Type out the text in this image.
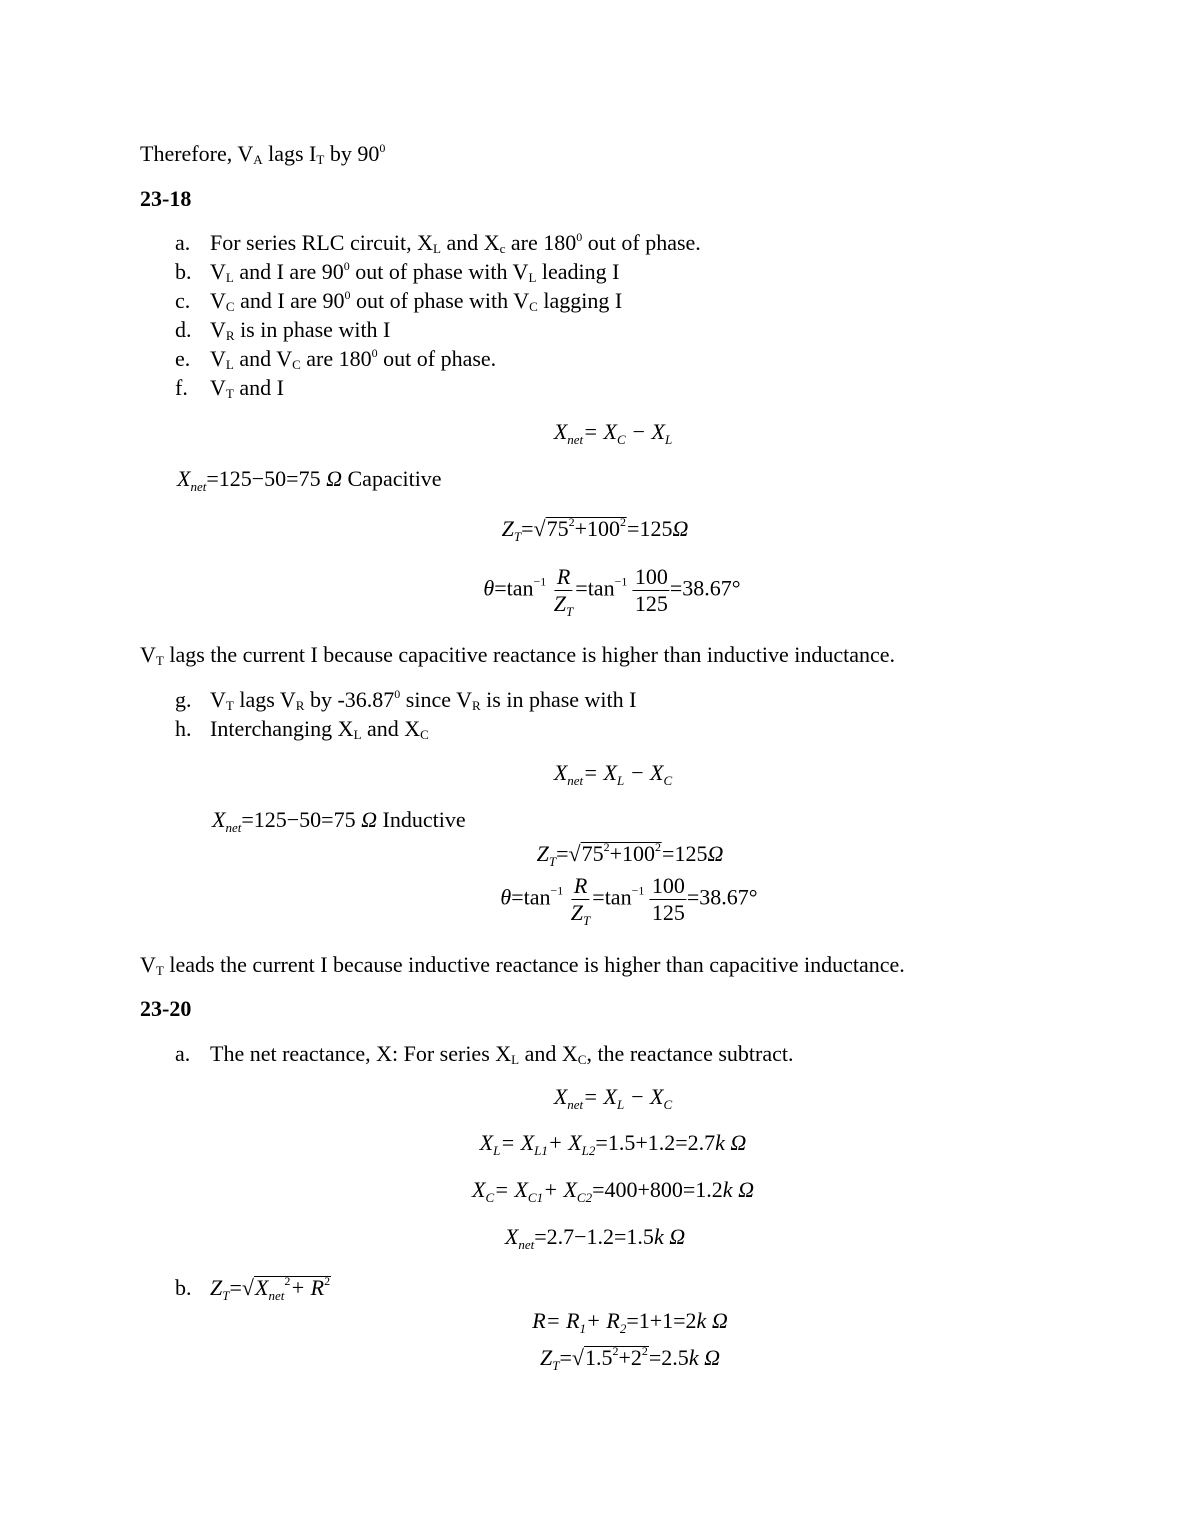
Therefore, $V_A$ lags $I_T$ by $90^0$
23-18
a. For series RLC circuit, $X_L$ and $X_c$ are $180^0$ out of phase.
b. $V_L$ and I are $90^0$ out of phase with $V_L$ leading I
c. $V_C$ and I are $90^0$ out of phase with $V_C$ lagging I
d. $V_R$ is in phase with I
e. $V_L$ and $V_C$ are $180^0$ out of phase.
f. $V_T$ and I
$X_{net}= X_C - X_L$
$X_{net}=125-50=75$ Ω Capacitive
$Z_T=√75^2+100^2=125\Omega$
$\theta=\tan^{-1} \frac{R}{Z_T} =\tan^{-1} \frac{100}{125} =38.67^\circ$
$V_T$ lags the current I because capacitive reactance is higher than inductive inductance.
g. $V_T$ lags $V_R$ by -36.87$^0$ since $V_R$ is in phase with I
h. Interchanging $X_L$ and $X_C$
$X_{net}= X_L - X_C$
$X_{net}=125-50=75$ Ω Inductive
$Z_T=√75^2+100^2=125\Omega$
$\theta=\tan^{-1} \frac{R}{Z_T} =\tan^{-1} \frac{100}{125} =38.67^\circ$
$V_T$ leads the current I because inductive reactance is higher than capacitive inductance.
23-20
a. The net reactance, X: For series $X_L$ and $X_C$, the reactance subtract.
$X_{net}= X_L - X_C$
$X_L= X_{L1}+ X_{L2}=1.5+1.2=2.7k$ Ω
$X_C= X_{C1}+ X_{C2}=400+800=1.2k$ Ω
$X_{net}=2.7-1.2=1.5k$ Ω
b. $Z_T=√X_{net}^2+ R^2$
$R= R_1+ R_2=1+1=2k$ Ω
$Z_T=√1.5^2+2^2=2.5k$ Ω
